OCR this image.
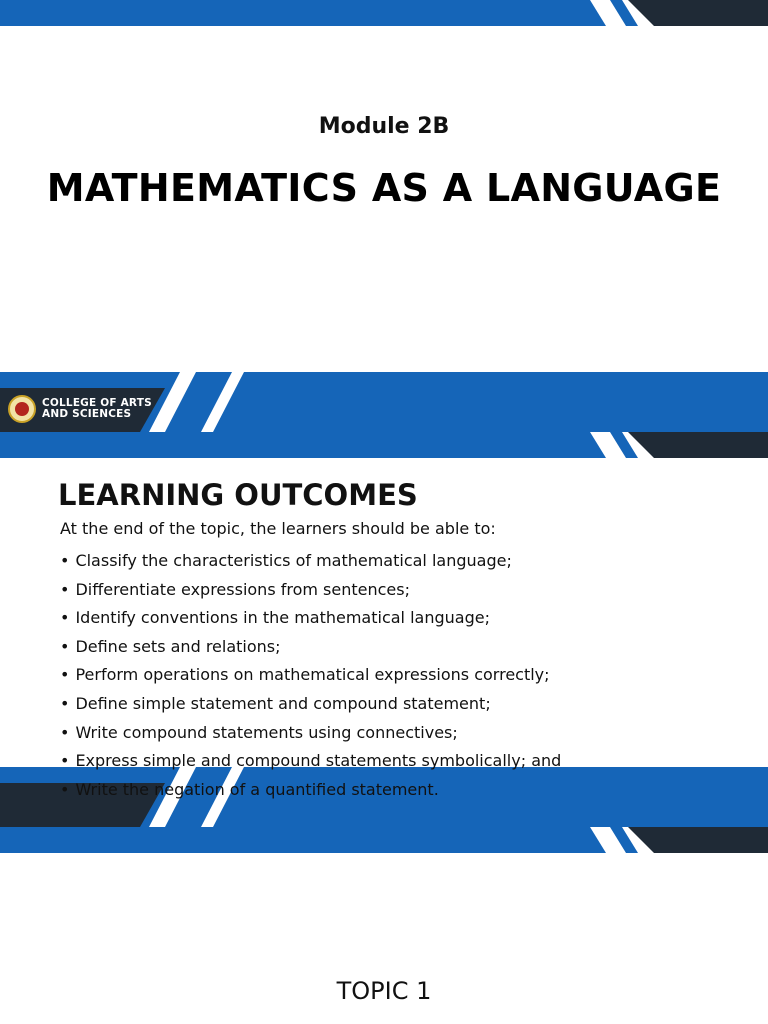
Module 2B
MATHEMATICS AS A LANGUAGE
COLLEGE OF ARTS
AND SCIENCES
LEARNING OUTCOMES
At the end of the topic, the learners should be able to:
• Classify the characteristics of mathematical language;
• Differentiate expressions from sentences;
• Identify conventions in the mathematical language;
• Define sets and relations;
• Perform operations on mathematical expressions correctly;
• Define simple statement and compound statement;
• Write compound statements using connectives;
• Express simple and compound statements symbolically; and
• Write the negation of a quantified statement.
TOPIC 1
